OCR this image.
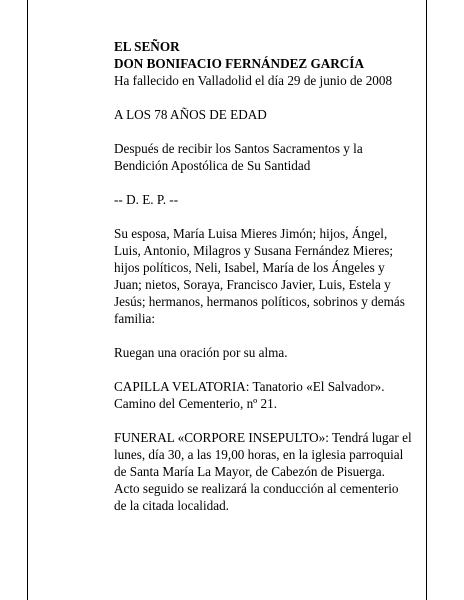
EL SEÑOR

DON BONIFACIO FERNÁNDEZ GARCÍA

Ha fallecido en Valladolid el día 29 de junio de 2008

A LOS 78 AÑOS DE EDAD

Después de recibir los Santos Sacramentos y la

Bendición Apostólica de Su Santidad

-- D. E. P. --

Su esposa, María Luisa Mieres Jimón; hijos, Ángel,

Luis, Antonio, Milagros y Susana Fernández Mieres;

hijos políticos, Neli, Isabel, María de los Ángeles y

Juan; nietos, Soraya, Francisco Javier, Luis, Estela y

Jesús; hermanos, hermanos políticos, sobrinos y demás

familia:

Ruegan una oración por su alma.

CAPILLA VELATORIA: Tanatorio «El Salvador».

Camino del Cementerio, nº 21.

FUNERAL «CORPORE INSEPULTO»: Tendrá lugar el

lunes, día 30, a las 19,00 horas, en la iglesia parroquial

de Santa María La Mayor, de Cabezón de Pisuerga.

Acto seguido se realizará la conducción al cementerio

de la citada localidad.
